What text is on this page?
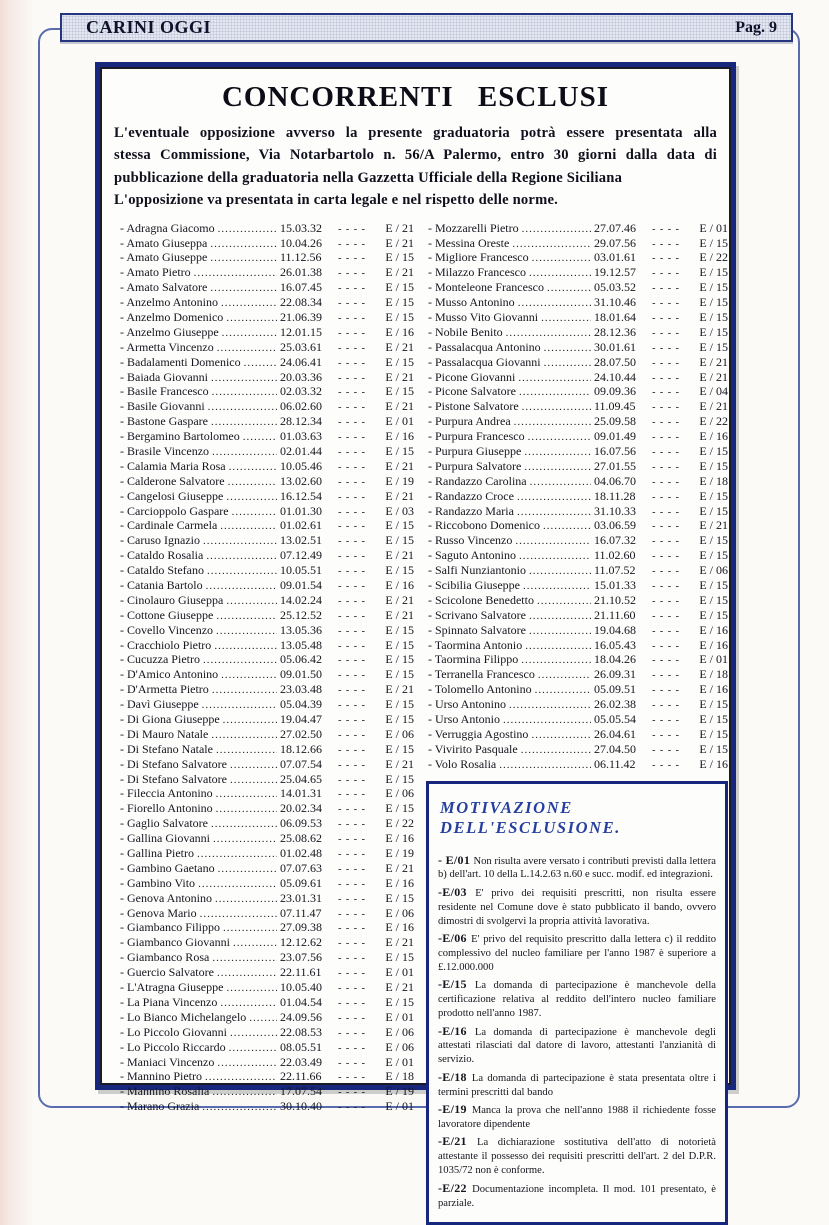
CARINI OGGI	Pag. 9
CONCORRENTI ESCLUSI
L'eventuale opposizione avverso la presente graduatoria potrà essere presentata alla
stessa Commissione, Via Notarbartolo n. 56/A Palermo, entro 30 giorni dalla data di
pubblicazione della graduatoria nella Gazzetta Ufficiale della Regione Siciliana
L'opposizione va presentata in carta legale e nel rispetto delle norme.
- Adragna Giacomo .....	15.03.32	- - - -	E / 21
- Amato Giuseppa .....	10.04.26	- - - -	E / 21
- Amato Giuseppe .....	11.12.56	- - - -	E / 15
- Amato Pietro .....	26.01.38	- - - -	E / 21
- Amato Salvatore .....	16.07.45	- - - -	E / 15
- Anzelmo Antonino .....	22.08.34	- - - -	E / 15
- Anzelmo Domenico .....	21.06.39	- - - -	E / 15
- Anzelmo Giuseppe .....	12.01.15	- - - -	E / 16
- Armetta Vincenzo .....	25.03.61	- - - -	E / 21
- Badalamenti Domenico .....	24.06.41	- - - -	E / 15
- Baiada Giovanni .....	20.03.36	- - - -	E / 21
- Basile Francesco .....	02.03.32	- - - -	E / 15
- Basile Giovanni .....	06.02.60	- - - -	E / 21
- Bastone Gaspare .....	28.12.34	- - - -	E / 01
- Bergamino Bartolomeo .....	01.03.63	- - - -	E / 16
- Brasile Vincenzo .....	02.01.44	- - - -	E / 15
- Calamia Maria Rosa .....	10.05.46	- - - -	E / 21
- Calderone Salvatore .....	13.02.60	- - - -	E / 19
- Cangelosi Giuseppe .....	16.12.54	- - - -	E / 21
- Carcioppolo Gaspare .....	01.01.30	- - - -	E / 03
- Cardinale Carmela .....	01.02.61	- - - -	E / 15
- Caruso Ignazio .....	13.02.51	- - - -	E / 15
- Cataldo Rosalia .....	07.12.49	- - - -	E / 21
- Cataldo Stefano .....	10.05.51	- - - -	E / 15
- Catania Bartolo .....	09.01.54	- - - -	E / 16
- Cinolauro Giuseppa .....	14.02.24	- - - -	E / 21
- Cottone Giuseppe .....	25.12.52	- - - -	E / 21
- Covello Vincenzo .....	13.05.36	- - - -	E / 15
- Cracchiolo Pietro .....	13.05.48	- - - -	E / 15
- Cucuzza Pietro .....	05.06.42	- - - -	E / 15
- D'Amico Antonino .....	09.01.50	- - - -	E / 15
- D'Armetta Pietro .....	23.03.48	- - - -	E / 21
- Davì Giuseppe .....	05.04.39	- - - -	E / 15
- Di Giona Giuseppe .....	19.04.47	- - - -	E / 15
- Di Mauro Natale .....	27.02.50	- - - -	E / 06
- Di Stefano Natale .....	18.12.66	- - - -	E / 15
- Di Stefano Salvatore .....	07.07.54	- - - -	E / 21
- Di Stefano Salvatore .....	25.04.65	- - - -	E / 15
- Fileccia Antonino .....	14.01.31	- - - -	E / 06
- Fiorello Antonino .....	20.02.34	- - - -	E / 15
- Gaglio Salvatore .....	06.09.53	- - - -	E / 22
- Gallina Giovanni .....	25.08.62	- - - -	E / 16
- Gallina Pietro .....	01.02.48	- - - -	E / 19
- Gambino Gaetano .....	07.07.63	- - - -	E / 21
- Gambino Vito .....	05.09.61	- - - -	E / 16
- Genova Antonino .....	23.01.31	- - - -	E / 15
- Genova Mario .....	07.11.47	- - - -	E / 06
- Giambanco Filippo .....	27.09.38	- - - -	E / 16
- Giambanco Giovanni .....	12.12.62	- - - -	E / 21
- Giambanco Rosa .....	23.07.56	- - - -	E / 15
- Guercio Salvatore .....	22.11.61	- - - -	E / 01
- L'Atragna Giuseppe .....	10.05.40	- - - -	E / 21
- La Piana Vincenzo .....	01.04.54	- - - -	E / 15
- Lo Bianco Michelangelo .....	24.09.56	- - - -	E / 01
- Lo Piccolo Giovanni .....	22.08.53	- - - -	E / 06
- Lo Piccolo Riccardo .....	08.05.51	- - - -	E / 06
- Maniaci Vincenzo .....	22.03.49	- - - -	E / 01
- Mannino Pietro .....	22.11.66	- - - -	E / 18
- Mannino Rosalia .....	17.07.54	- - - -	E / 19
- Marano Grazia .....	30.10.40	- - - -	E / 01
- Mozzarelli Pietro .....	27.07.46	- - - -	E / 01
- Messina Oreste .....	29.07.56	- - - -	E / 15
- Migliore Francesco .....	03.01.61	- - - -	E / 22
- Milazzo Francesco .....	19.12.57	- - - -	E / 15
- Monteleone Francesco .....	05.03.52	- - - -	E / 15
- Musso Antonino .....	31.10.46	- - - -	E / 15
- Musso Vito Giovanni .....	18.01.64	- - - -	E / 15
- Nobile Benito .....	28.12.36	- - - -	E / 15
- Passalacqua Antonino .....	30.01.61	- - - -	E / 15
- Passalacqua Giovanni .....	28.07.50	- - - -	E / 21
- Picone Giovanni .....	24.10.44	- - - -	E / 21
- Picone Salvatore .....	09.09.36	- - - -	E / 04
- Pistone Salvatore .....	11.09.45	- - - -	E / 21
- Purpura Andrea .....	25.09.58	- - - -	E / 22
- Purpura Francesco .....	09.01.49	- - - -	E / 16
- Purpura Giuseppe .....	16.07.56	- - - -	E / 15
- Purpura Salvatore .....	27.01.55	- - - -	E / 15
- Randazzo Carolina .....	04.06.70	- - - -	E / 18
- Randazzo Croce .....	18.11.28	- - - -	E / 15
- Randazzo Maria .....	31.10.33	- - - -	E / 15
- Riccobono Domenico .....	03.06.59	- - - -	E / 21
- Russo Vincenzo .....	16.07.32	- - - -	E / 15
- Saguto Antonino .....	11.02.60	- - - -	E / 15
- Salfi Nunziantonio .....	11.07.52	- - - -	E / 06
- Scibilia Giuseppe .....	15.01.33	- - - -	E / 15
- Scicolone Benedetto .....	21.10.52	- - - -	E / 15
- Scrivano Salvatore .....	21.11.60	- - - -	E / 15
- Spinnato Salvatore .....	19.04.68	- - - -	E / 16
- Taormina Antonio .....	16.05.43	- - - -	E / 16
- Taormina Filippo .....	18.04.26	- - - -	E / 01
- Terranella Francesco .....	26.09.31	- - - -	E / 18
- Tolomello Antonino .....	05.09.51	- - - -	E / 16
- Urso Antonino .....	26.02.38	- - - -	E / 15
- Urso Antonio .....	05.05.54	- - - -	E / 15
- Verruggia Agostino .....	26.04.61	- - - -	E / 15
- Vivirito Pasquale .....	27.04.50	- - - -	E / 15
- Volo Rosalia .....	06.11.42	- - - -	E / 16
MOTIVAZIONE DELL'ESCLUSIONE.
- E/01 Non risulta avere versato i contributi previsti dalla lettera b) dell'art. 10 della L.14.2.63 n.60 e succ. modif. ed integrazioni.
-E/03 E' privo dei requisiti prescritti, non risulta essere residente nel Comune dove è stato pubblicato il bando, ovvero dimostri di svolgervi la propria attività lavorativa.
-E/06 E' privo del requisito prescritto dalla lettera c) il reddito complessivo del nucleo familiare per l'anno 1987 è superiore a £.12.000.000
-E/15 La domanda di partecipazione è manchevole della certificazione relativa al reddito dell'intero nucleo familiare prodotto nell'anno 1987.
-E/16 La domanda di partecipazione è manchevole degli attestati rilasciati dal datore di lavoro, attestanti l'anzianità di servizio.
-E/18 La domanda di partecipazione è stata presentata oltre i termini prescritti dal bando
-E/19 Manca la prova che nell'anno 1988 il richiedente fosse lavoratore dipendente
-E/21 La dichiarazione sostitutiva dell'atto di notorietà attestante il possesso dei requisiti prescritti dell'art. 2 del D.P.R. 1035/72 non è conforme.
-E/22 Documentazione incompleta. Il mod. 101 presentato, è parziale.
